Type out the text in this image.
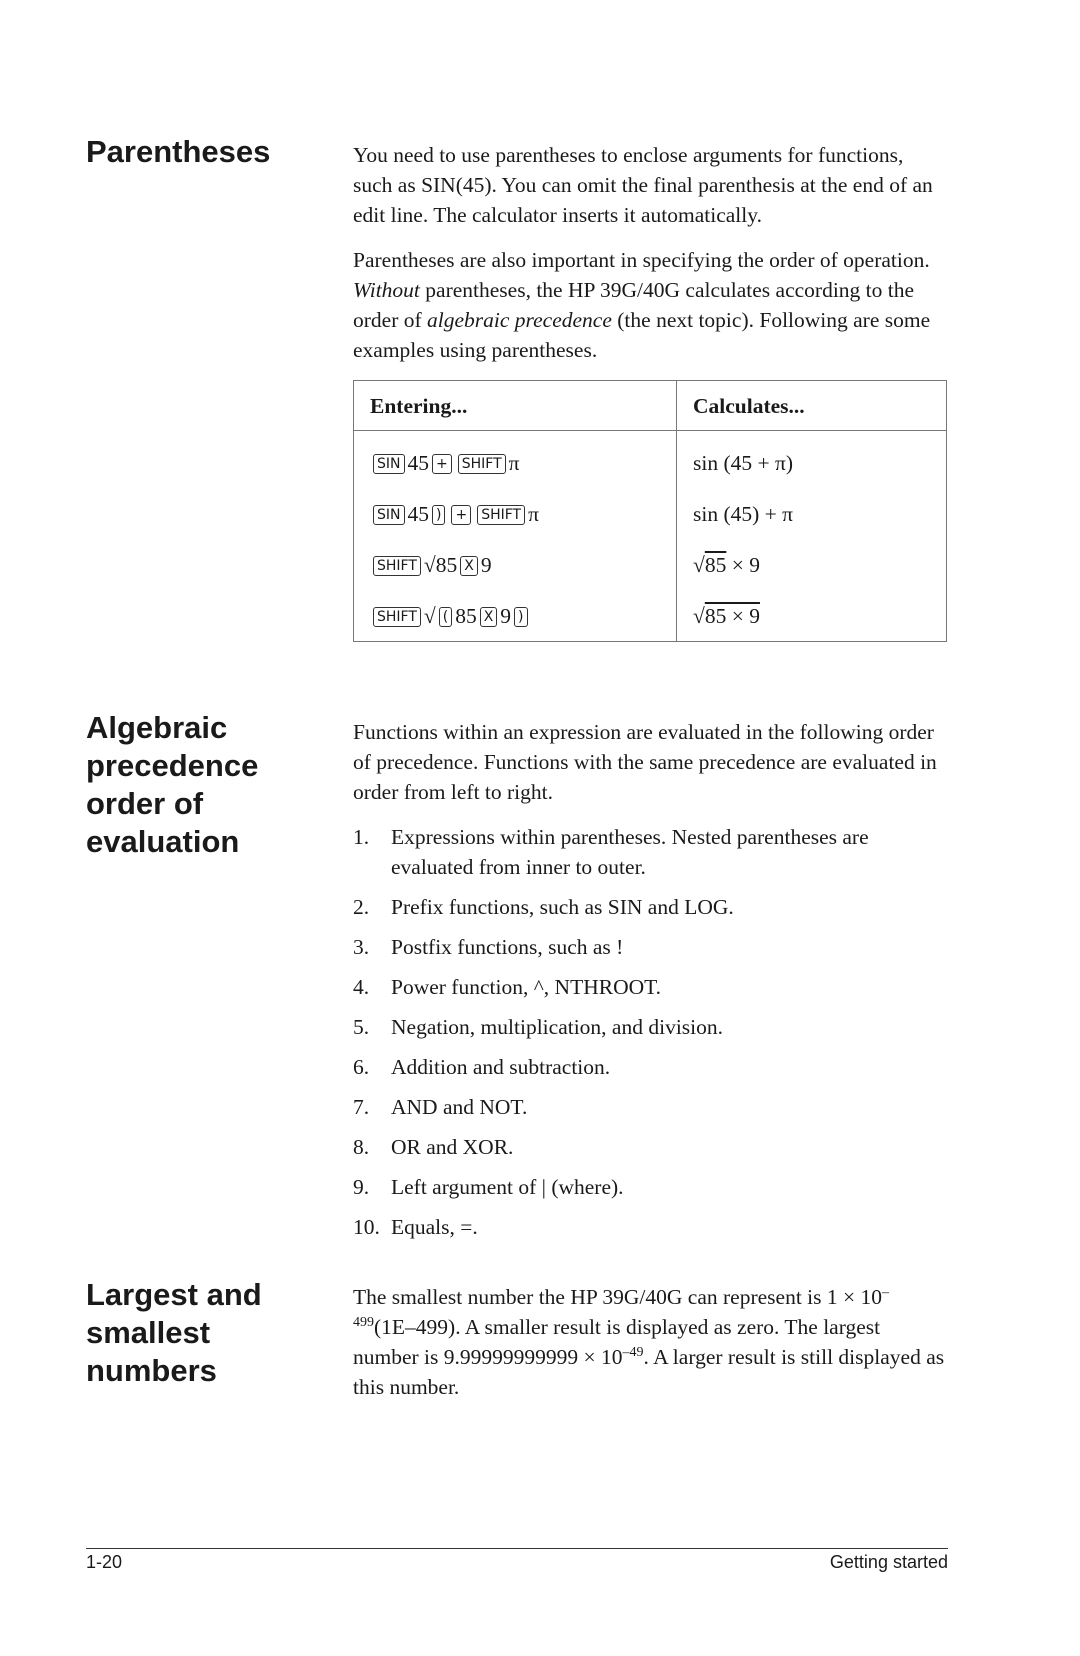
Parentheses	You need to use parentheses to enclose arguments for functions, such as SIN(45). You can omit the final parenthesis at the end of an edit line. The calculator inserts it automatically.

Parentheses are also important in specifying the order of operation. Without parentheses, the HP 39G/40G calculates according to the order of algebraic precedence (the next topic). Following are some examples using parentheses.

Entering...	Calculates...
SIN 45 + SHIFT π	sin (45 + π)
SIN 45 ) + SHIFT π	sin (45) + π
SHIFT √85 X 9	√85 × 9
SHIFT √ ( 85 X 9 )	√85 × 9
Algebraic precedence order of evaluation

Functions within an expression are evaluated in the following order of precedence. Functions with the same precedence are evaluated in order from left to right.

1. Expressions within parentheses. Nested parentheses are evaluated from inner to outer.
2. Prefix functions, such as SIN and LOG.
3. Postfix functions, such as !
4. Power function, ^, NTHROOT.
5. Negation, multiplication, and division.
6. Addition and subtraction.
7. AND and NOT.
8. OR and XOR.
9. Left argument of | (where).
10. Equals, =.
Largest and smallest numbers

The smallest number the HP 39G/40G can represent is $1 \times 10^{-499}(1E-499)$. A smaller result is displayed as zero. The largest number is $9.99999999999 \times 10^{-49}$. A larger result is still displayed as this number.

1-20	Getting started
